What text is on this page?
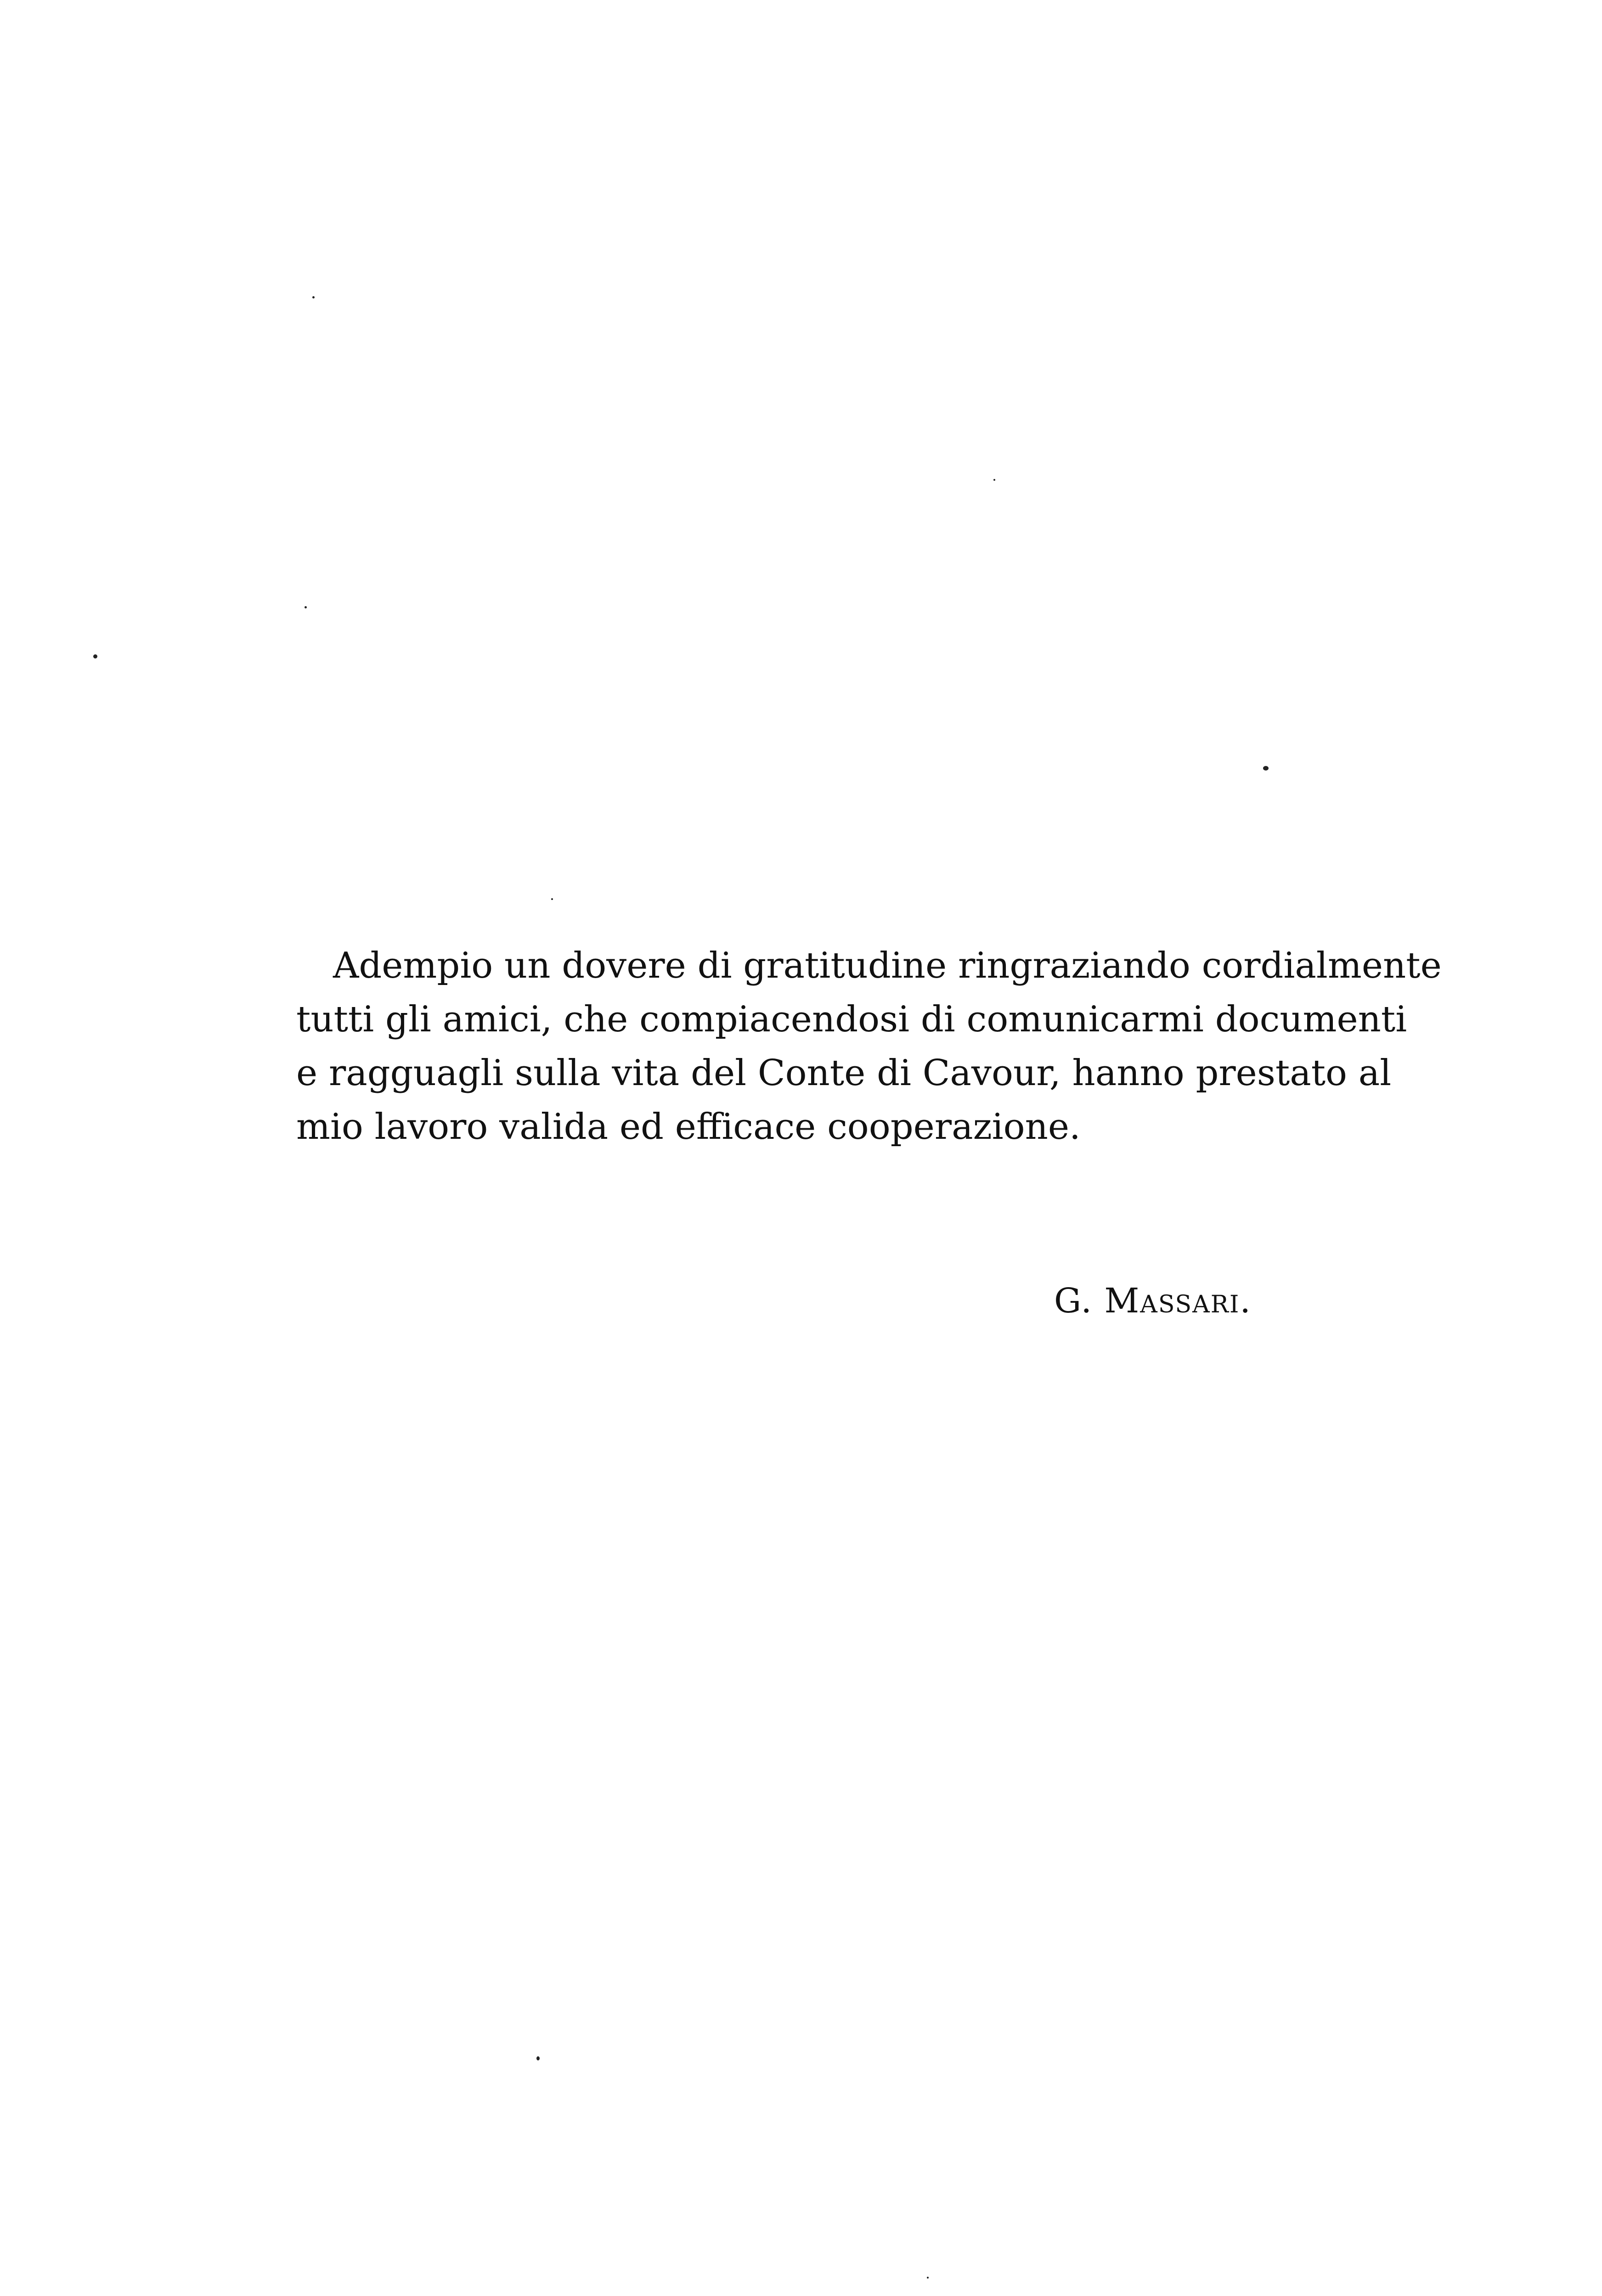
Adempio un dovere di gratitudine ringraziando cordialmente
tutti gli amici, che compiacendosi di comunicarmi documenti
e ragguagli sulla vita del Conte di Cavour, hanno prestato al
mio lavoro valida ed efficace cooperazione.
G. Massari.
